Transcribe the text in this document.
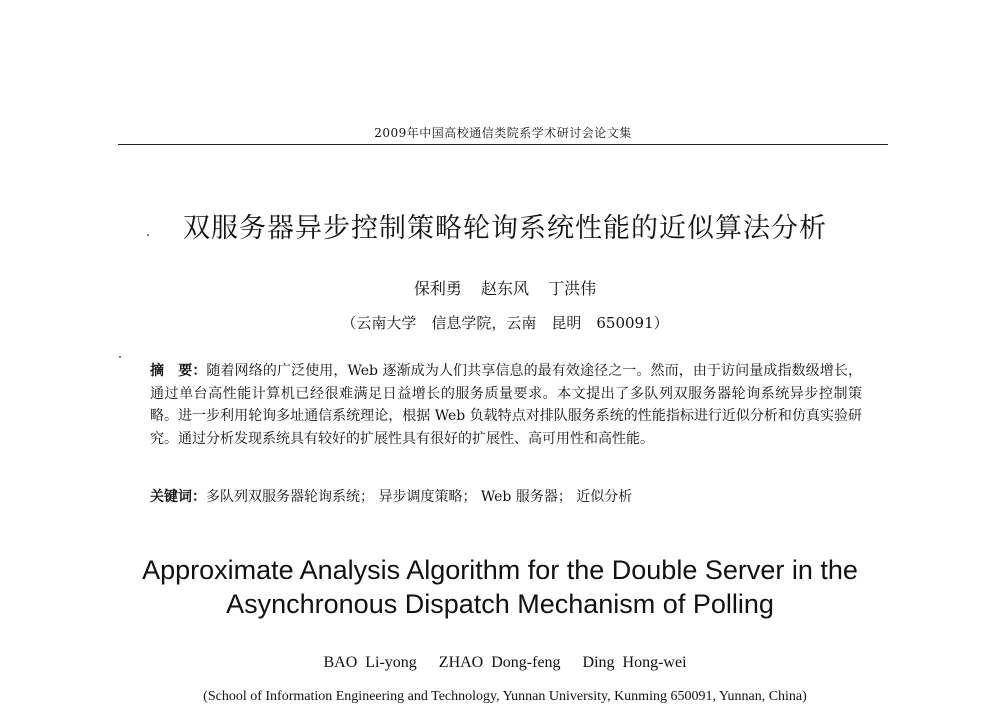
2009年中国高校通信类院系学术研讨会论文集
双服务器异步控制策略轮询系统性能的近似算法分析
保利勇 赵东风 丁洪伟
（云南大学　信息学院，云南　昆明　650091）
摘　要：随着网络的广泛使用，Web 逐渐成为人们共享信息的最有效途径之一。然而，由于访问量成指数级增长，通过单台高性能计算机已经很难满足日益增长的服务质量要求。本文提出了多队列双服务器轮询系统异步控制策略。进一步利用轮询多址通信系统理论，根据 Web 负载特点对排队服务系统的性能指标进行近似分析和仿真实验研究。通过分析发现系统具有较好的扩展性具有很好的扩展性、高可用性和高性能。
关键词：多队列双服务器轮询系统； 异步调度策略； Web 服务器； 近似分析
Approximate Analysis Algorithm for the Double Server in the
Asynchronous Dispatch Mechanism of Polling
BAO Li-yong ZHAO Dong-feng Ding Hong-wei
(School of Information Engineering and Technology, Yunnan University, Kunming 650091, Yunnan, China)
